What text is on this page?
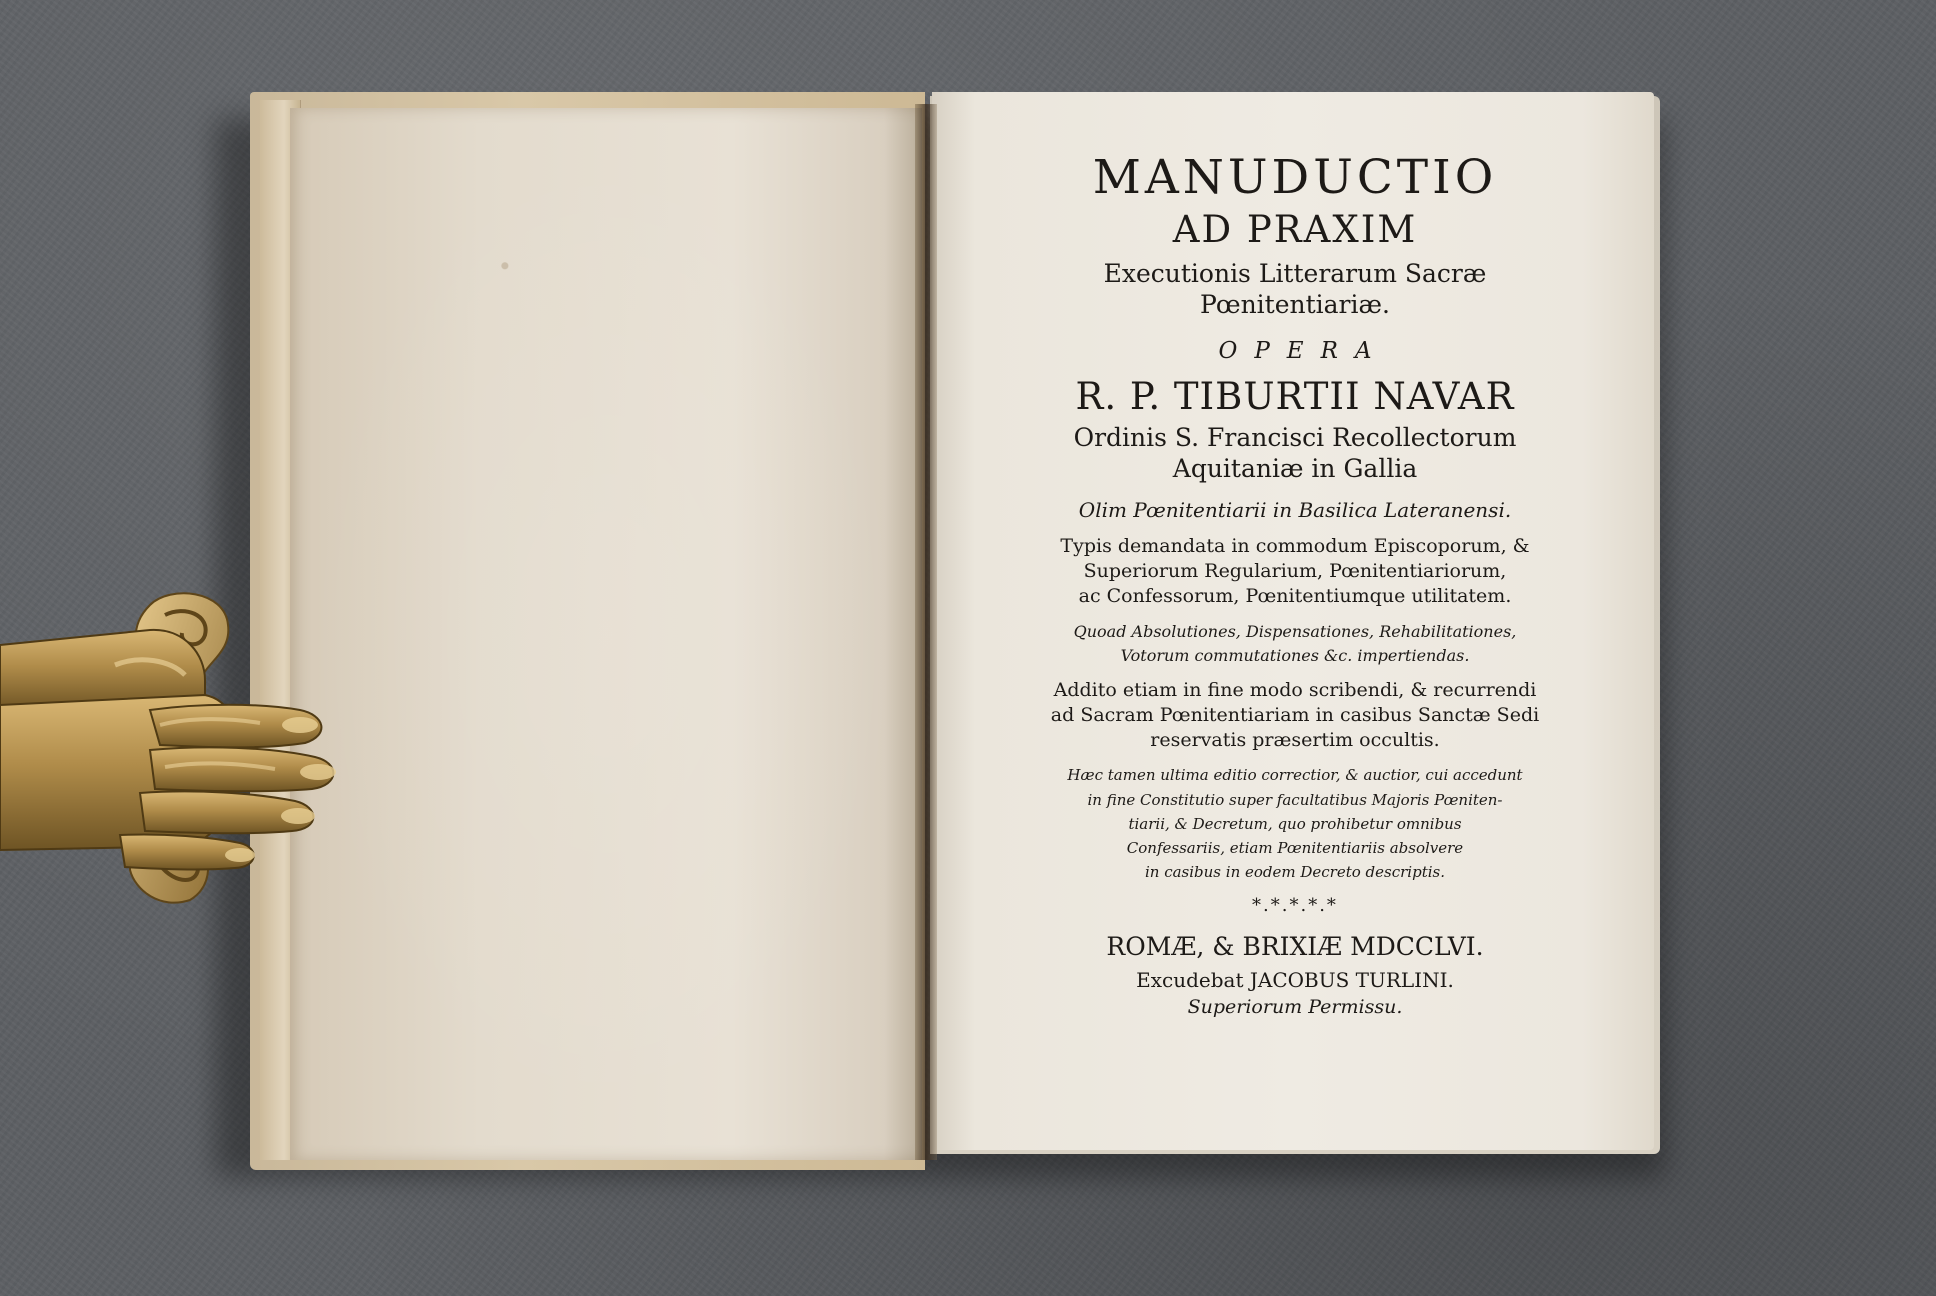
MANUDUCTIO
AD PRAXIM
Executionis Litterarum Sacræ
Pœnitentiariæ.
OPERA
R. P. TIBURTII NAVAR
Ordinis S. Francisci Recollectorum
Aquitaniæ in Gallia
Olim Pœnitentiarii in Basilica Lateranensi.
Typis demandata in commodum Episcoporum, &
Superiorum Regularium, Pœnitentiariorum,
ac Confessorum, Pœnitentiumque utilitatem.
Quoad Absolutiones, Dispensationes, Rehabilitationes,
Votorum commutationes &c. impertiendas.
Addito etiam in fine modo scribendi, & recurrendi
ad Sacram Pœnitentiariam in casibus Sanctæ Sedi
reservatis præsertim occultis.
Hæc tamen ultima editio correctior, & auctior, cui accedunt
in fine Constitutio super facultatibus Majoris Pœniten-
tiarii, & Decretum, quo prohibetur omnibus
Confessariis, etiam Pœnitentiariis absolvere
in casibus in eodem Decreto descriptis.
*.*.*.*.*
ROMÆ, & BRIXIÆ MDCCLVI.
Excudebat JACOBUS TURLINI.
Superiorum Permissu.
